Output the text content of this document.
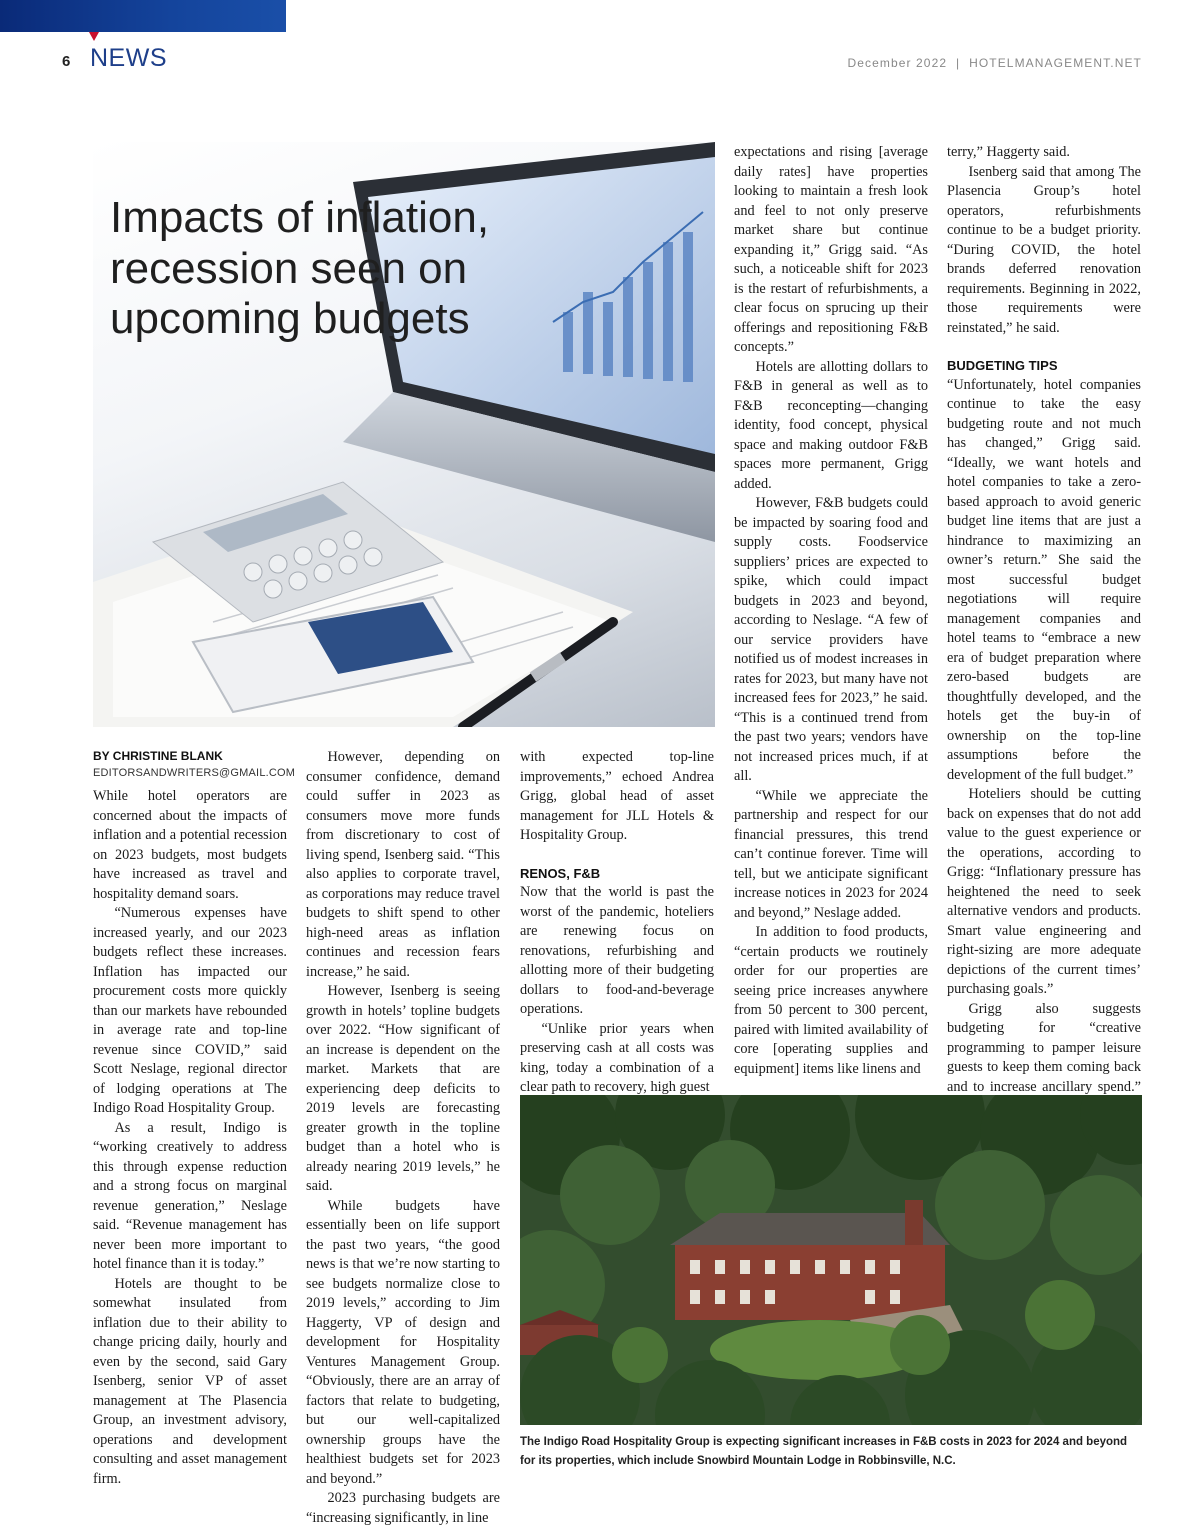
6 NEWS	December 2022  |  HOTELMANAGEMENT.NET
Impacts of inflation, recession seen on upcoming budgets
BY CHRISTINE BLANK
EDITORSANDWRITERS@GMAIL.COM

While hotel operators are concerned about the impacts of inflation and a potential recession on 2023 budgets, most budgets have increased as travel and hospitality demand soars.

“Numerous expenses have increased yearly, and our 2023 budgets reflect these increases. Inflation has impacted our procurement costs more quickly than our markets have rebounded in average rate and top-line revenue since COVID,” said Scott Neslage, regional director of lodging operations at The Indigo Road Hospitality Group.

As a result, Indigo is “working creatively to address this through expense reduction and a strong focus on marginal revenue generation,” Neslage said. “Revenue management has never been more important to hotel finance than it is today.”

Hotels are thought to be somewhat insulated from inflation due to their ability to change pricing daily, hourly and even by the second, said Gary Isenberg, senior VP of asset management at The Plasencia Group, an investment advisory, operations and development consulting and asset management firm.

However, depending on consumer confidence, demand could suffer in 2023 as consumers move more funds from discretionary to cost of living spend, Isenberg said. “This also applies to corporate travel, as corporations may reduce travel budgets to shift spend to other high-need areas as inflation continues and recession fears increase,” he said.

However, Isenberg is seeing growth in hotels’ topline budgets over 2022. “How significant of an increase is dependent on the market. Markets that are experiencing deep deficits to 2019 levels are forecasting greater growth in the topline budget than a hotel who is already nearing 2019 levels,” he said.

While budgets have essentially been on life support the past two years, “the good news is that we’re now starting to see budgets normalize close to 2019 levels,” according to Jim Haggerty, VP of design and development for Hospitality Ventures Management Group. “Obviously, there are an array of factors that relate to budgeting, but our well-capitalized ownership groups have the healthiest budgets set for 2023 and beyond.”

2023 purchasing budgets are “increasing significantly, in line

with expected top-line improvements,” echoed Andrea Grigg, global head of asset management for JLL Hotels & Hospitality Group.

RENOS, F&B

Now that the world is past the worst of the pandemic, hoteliers are renewing focus on renovations, refurbishing and allotting more of their budgeting dollars to food-and-beverage operations.

“Unlike prior years when preserving cash at all costs was king, today a combination of a clear path to recovery, high guest

expectations and rising [average daily rates] have properties looking to maintain a fresh look and feel to not only preserve market share but continue expanding it,” Grigg said. “As such, a noticeable shift for 2023 is the restart of refurbishments, a clear focus on sprucing up their offerings and repositioning F&B concepts.”

Hotels are allotting dollars to F&B in general as well as to F&B reconcepting—changing identity, food concept, physical space and making outdoor F&B spaces more permanent, Grigg added.

However, F&B budgets could be impacted by soaring food and supply costs. Foodservice suppliers’ prices are expected to spike, which could impact budgets in 2023 and beyond, according to Neslage. “A few of our service providers have notified us of modest increases in rates for 2023, but many have not increased fees for 2023,” he said. “This is a continued trend from the past two years; vendors have not increased prices much, if at all.

“While we appreciate the partnership and respect for our financial pressures, this trend can’t continue forever. Time will tell, but we anticipate significant increase notices in 2023 for 2024 and beyond,” Neslage added.

In addition to food products, “certain products we routinely order for our properties are seeing price increases anywhere from 50 percent to 300 percent, paired with limited availability of core [operating supplies and equipment] items like linens and

terry,” Haggerty said.

Isenberg said that among The Plasencia Group’s hotel operators, refurbishments continue to be a budget priority. “During COVID, the hotel brands deferred renovation requirements. Beginning in 2022, those requirements were reinstated,” he said.

BUDGETING TIPS

“Unfortunately, hotel companies continue to take the easy budgeting route and not much has changed,” Grigg said. “Ideally, we want hotels and hotel companies to take a zero-based approach to avoid generic budget line items that are just a hindrance to maximizing an owner’s return.” She said the most successful budget negotiations will require management companies and hotel teams to “embrace a new era of budget preparation where zero-based budgets are thoughtfully developed, and the hotels get the buy-in of ownership on the top-line assumptions before the development of the full budget.”

Hoteliers should be cutting back on expenses that do not add value to the guest experience or the operations, according to Grigg: “Inflationary pressure has heightened the need to seek alternative vendors and products. Smart value engineering and right-sizing are more adequate depictions of the current times’ purchasing goals.”

Grigg also suggests budgeting for “creative programming to pamper leisure guests to keep them coming back and to increase ancillary spend.”

The Indigo Road Hospitality Group is expecting significant increases in F&B costs in 2023 for 2024 and beyond for its properties, which include Snowbird Mountain Lodge in Robbinsville, N.C.
